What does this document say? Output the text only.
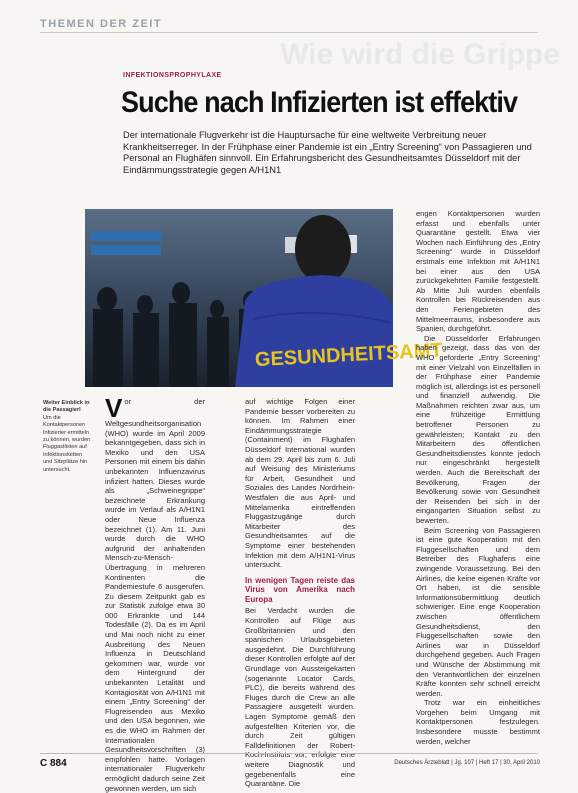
THEMEN DER ZEIT
Wie wird die Grippe
INFEKTIONSPROPHYLAXE
Suche nach Infizierten ist effektiv

Der internationale Flugverkehr ist die Hauptursache für eine weltweite Verbreitung neuer Krankheitserreger. In der Frühphase einer Pandemie ist ein „Entry Screening“ von Passagieren und Personal an Flughäfen sinnvoll. Ein Erfahrungsbericht des Gesundheitsamtes Düsseldorf mit der Eindämmungsstrategie gegen A/H1N1

GESUNDHEITSAMT
Weiter Einblick in die Passagierl
Um die Kontaktpersonen Infizierter ermitteln zu können, wurden Fluggastlisten auf Infektionsketten und Sitzplätze hin untersucht.
V or der Weltgesundheitsorganisation (WHO) wurde im April 2009 bekanntgegeben, dass sich in Mexiko und den USA Personen mit einem bis dahin unbekannten Influenzavirus infiziert hatten. Dieses wurde als „Schweinegrippe“ bezeichnete Erkrankung wurde im Verlauf als A/H1N1 oder Neue Influenza bezeichnet (1). Am 11. Juni wurde durch die WHO aufgrund der anhaltenden Mensch-zu-Mensch-Übertragung in mehreren Kontinenten die Pandemiestufe 6 ausgerufen. Zu diesem Zeitpunkt gab es zur Statistik zufolge etwa 30 000 Erkrankte und 144 Todesfälle (2). Da es im April und Mai noch nicht zu einer Ausbreitung des Neuen Influenza in Deutschland gekommen war, wurde vor dem Hintergrund der unbekannten Letalität und Kontagiosität von A/H1N1 mit einem „Entry Screening“ der Flugreisenden aus Mexiko und den USA begonnen, wie es die WHO im Rahmen der Internationalen Gesundheitsvorschriften (3) empfohlen hatte. Vorlagen internationaler Flugverkehr ermöglicht dadurch seine Zeit gewonnen werden, um sich

auf wichtige Folgen einer Pandemie besser vorbereiten zu können. Im Rahmen einer Eindämmungsstrategie (Containment) im Flughafen Düsseldorf International wurden ab dem 29. April bis zum 6. Juli auf Weisung des Ministeriums für Arbeit, Gesundheit und Soziales des Landes Nordrhein-Westfalen die aus April- und Mittelamerika eintreffenden Fluggastzugänge durch Mitarbeiter des Gesundheitsamtes auf die Symptome einer bestehenden Infektion mit dem A/H1N1-Virus untersucht.

In wenigen Tagen reiste das Virus von Amerika nach Europa

Bei Verdacht wurden die Kontrollen auf Flüge aus Großbritannien und den spanischen Urlaubsgebieten ausgedehnt. Die Durchführung dieser Kontrollen erfolgte auf der Grundlage von Aussteigekarten (sogenannte Locator Cards, PLC), die bereits während des Fluges durch die Crew an alle Passagiere ausgeteilt wurden. Lagen Symptome gemäß den aufgestellten Kriterien vor, die durch Zeit gültigen Falldefinitionen der Robert-Koch-Instituts vor, erfolgte eine weitere Diagnostik und gegebenenfalls eine Quarantäne. Die

engen Kontaktpersonen wurden erfasst und ebenfalls unter Quarantäne gestellt. Etwa vier Wochen nach Einführung des „Entry Screening“ wurde in Düsseldorf erstmals eine Infektion mit A/H1N1 bei einer aus den USA zurückgekehrten Familie festgestellt. Ab Mitte Juli wurden ebenfalls Kontrollen bei Rückreisenden aus den Feriengebieten des Mittelmeerraums, insbesondere aus Spanien, durchgeführt.

Die Düsseldorfer Erfahrungen haben gezeigt, dass das von der WHO geforderte „Entry Screening“ mit einer Vielzahl von Einzelfällen in der Frühphase einer Pandemie möglich ist, allerdings ist es personell und finanziell aufwendig. Die Maßnahmen reichten zwar aus, um eine frühzeitige Ermittlung betroffener Personen zu gewährleisten; Kontakt zu den Mitarbeitern des öffentlichen Gesundheitsdienstes konnte jedoch nur eingeschränkt hergestellt werden. Auch die Bereitschaft der Bevölkerung, Fragen der Bevölkerung sowie von Gesundheit der Reisenden bei sich in der eingangarten Situation selbst zu bewerten.

Beim Screening von Passagieren ist eine gute Kooperation mit den Fluggesellschaften und dem Betreiber des Flughafens eine zwingende Voraussetzung. Bei den Airlines, die keine eigenen Kräfte vor Ort haben, ist die sensible Informationsübermittlung deutlich schwieriger. Eine enge Kooperation zwischen öffentlichem Gesundheitsdienst, den Fluggesellschaften sowie den Airlines war in Düsseldorf durchgehend gegeben. Auch Fragen und Wünsche der Abstimmung mit den Verantwortlichen der einzelnen Kräfte konnten sehr schnell erreicht werden.

Trotz war ein einheitliches Vorgehen beim Umgang mit Kontaktpersonen festzulegen. Insbesondere musste bestimmt werden, welcher

C 884	Deutsches Ärzteblatt | Jg. 107 | Heft 17 | 30. April 2010
